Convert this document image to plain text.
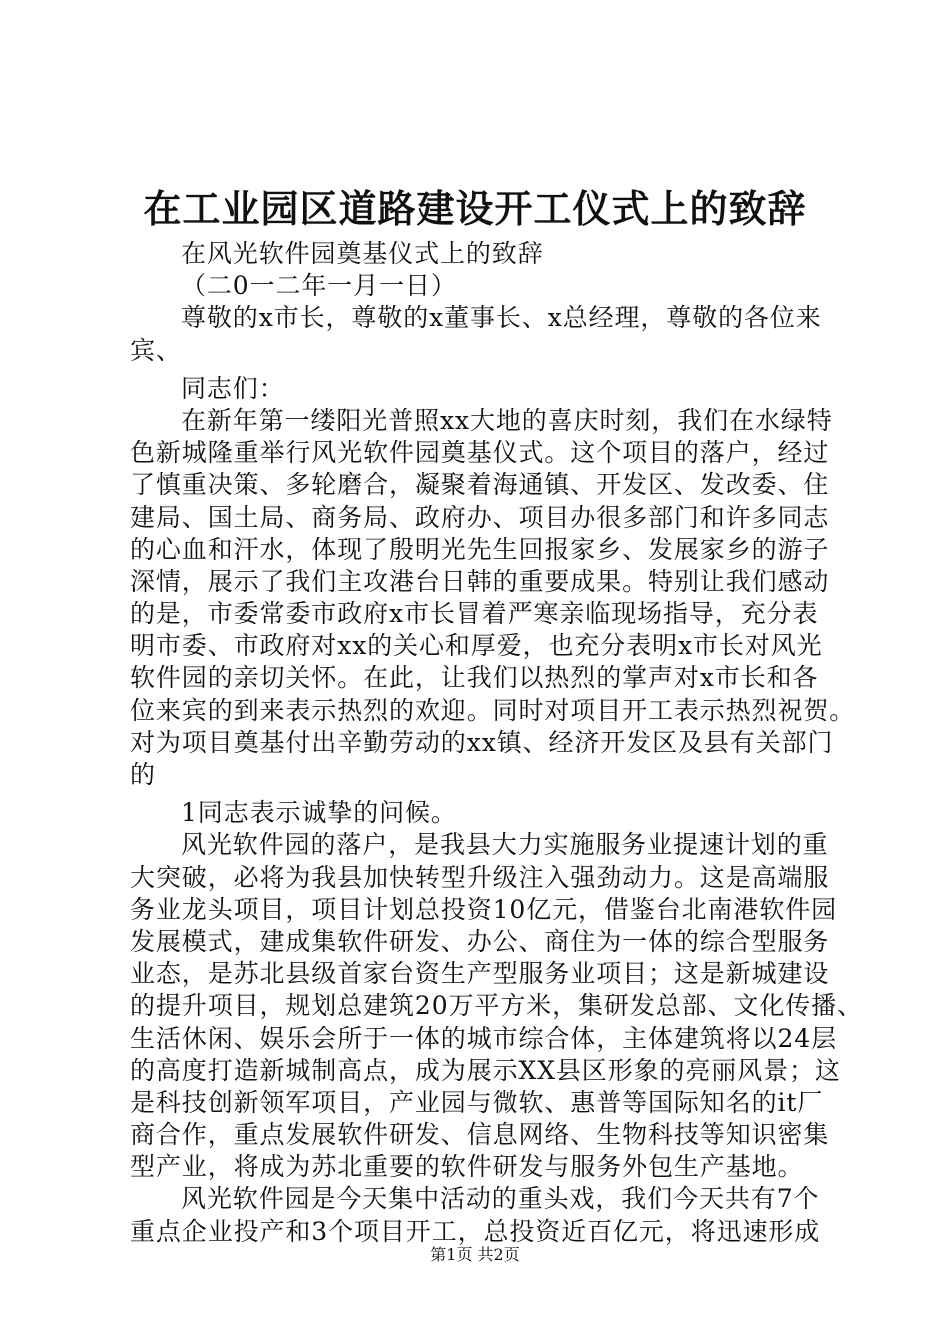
在工业园区道路建设开工仪式上的致辞
在风光软件园奠基仪式上的致辞
（二0一二年一月一日）
尊敬的x市长，尊敬的x董事长、x总经理，尊敬的各位来
宾、
同志们：
在新年第一缕阳光普照xx大地的喜庆时刻，我们在水绿特
色新城隆重举行风光软件园奠基仪式。这个项目的落户，经过
了慎重决策、多轮磨合，凝聚着海通镇、开发区、发改委、住
建局、国土局、商务局、政府办、项目办很多部门和许多同志
的心血和汗水，体现了殷明光先生回报家乡、发展家乡的游子
深情，展示了我们主攻港台日韩的重要成果。特别让我们感动
的是，市委常委市政府x市长冒着严寒亲临现场指导，充分表
明市委、市政府对xx的关心和厚爱，也充分表明x市长对风光
软件园的亲切关怀。在此，让我们以热烈的掌声对x市长和各
位来宾的到来表示热烈的欢迎。同时对项目开工表示热烈祝贺。
对为项目奠基付出辛勤劳动的xx镇、经济开发区及县有关部门
的
1同志表示诚挚的问候。
风光软件园的落户，是我县大力实施服务业提速计划的重
大突破，必将为我县加快转型升级注入强劲动力。这是高端服
务业龙头项目，项目计划总投资10亿元，借鉴台北南港软件园
发展模式，建成集软件研发、办公、商住为一体的综合型服务
业态，是苏北县级首家台资生产型服务业项目；这是新城建设
的提升项目，规划总建筑20万平方米，集研发总部、文化传播、
生活休闲、娱乐会所于一体的城市综合体，主体建筑将以24层
的高度打造新城制高点，成为展示XX县区形象的亮丽风景；这
是科技创新领军项目，产业园与微软、惠普等国际知名的it厂
商合作，重点发展软件研发、信息网络、生物科技等知识密集
型产业，将成为苏北重要的软件研发与服务外包生产基地。
风光软件园是今天集中活动的重头戏，我们今天共有7个
重点企业投产和3个项目开工，总投资近百亿元，将迅速形成
第1页 共2页
